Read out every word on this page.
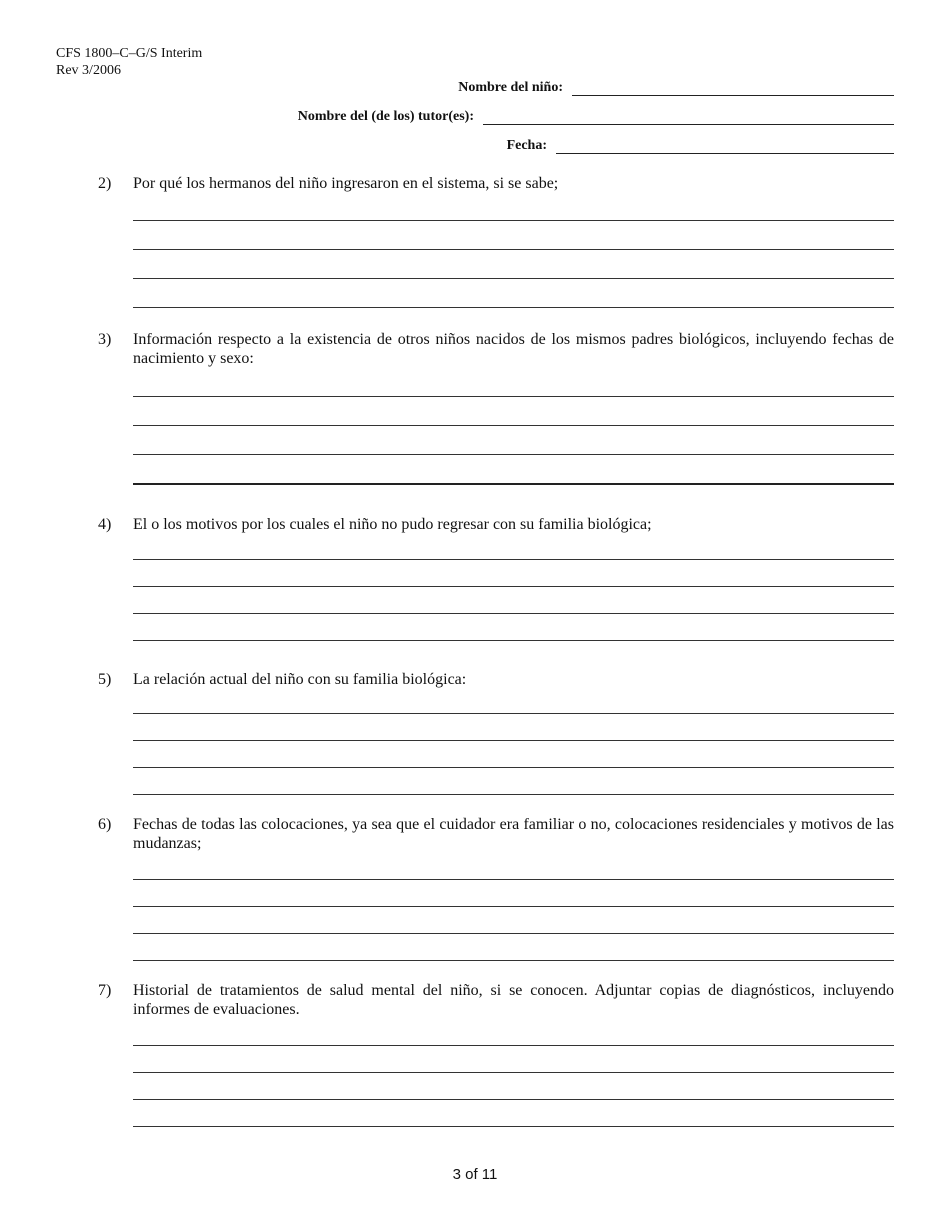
CFS 1800–C–G/S Interim
Rev 3/2006
Nombre del niño:
Nombre del (de los) tutor(es):
Fecha:
2) Por qué los hermanos del niño ingresaron en el sistema, si se sabe;
3) Información respecto a la existencia de otros niños nacidos de los mismos padres biológicos, incluyendo fechas de nacimiento y sexo:
4) El o los motivos por los cuales el niño no pudo regresar con su familia biológica;
5) La relación actual del niño con su familia biológica:
6) Fechas de todas las colocaciones, ya sea que el cuidador era familiar o no, colocaciones residenciales y motivos de las mudanzas;
7) Historial de tratamientos de salud mental del niño, si se conocen. Adjuntar copias de diagnósticos, incluyendo informes de evaluaciones.
3 of 11
